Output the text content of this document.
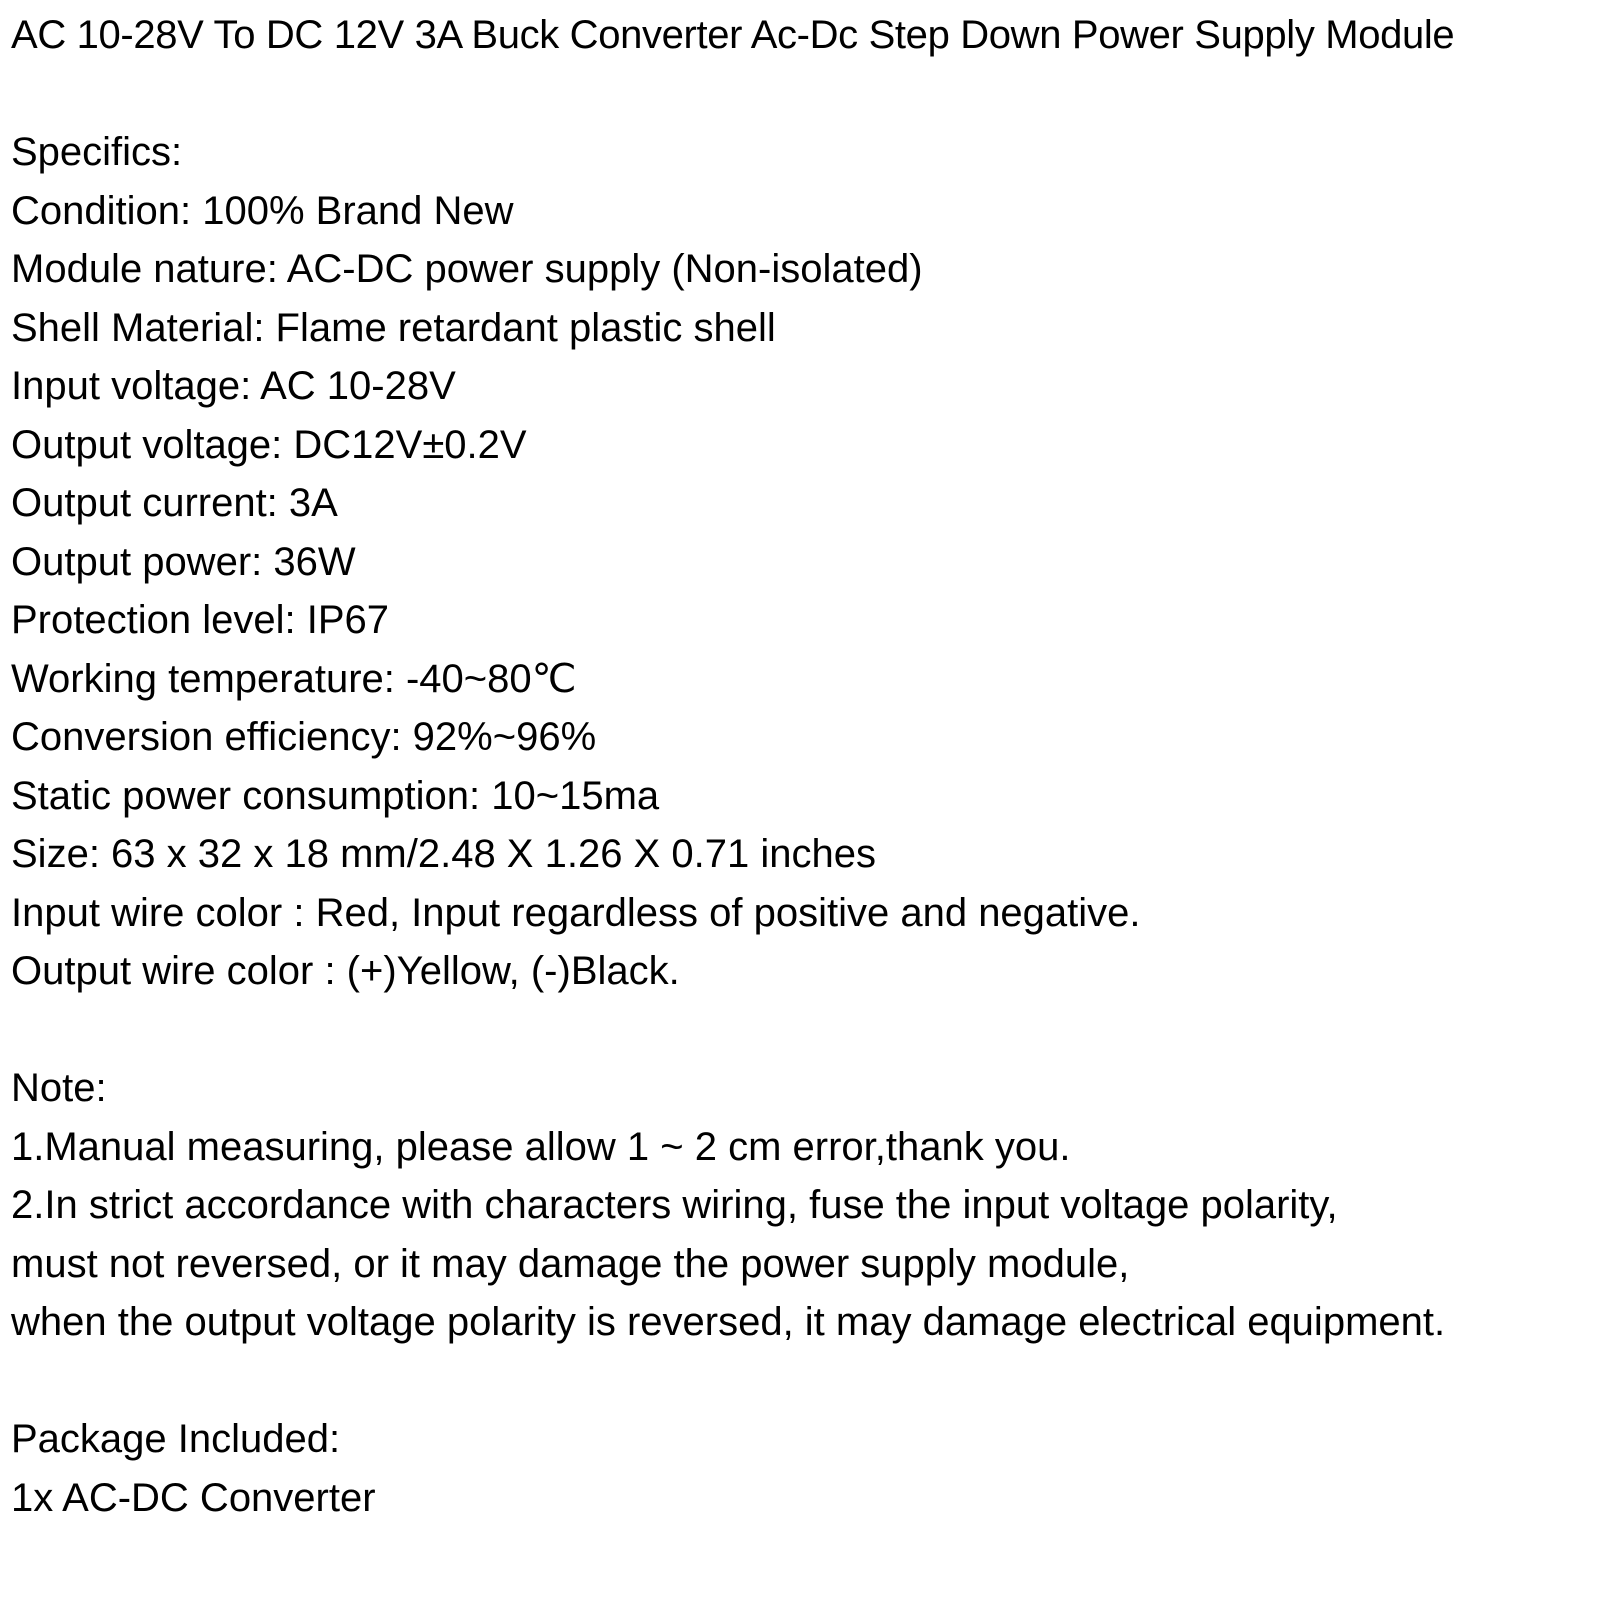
AC 10-28V To DC 12V 3A Buck Converter Ac-Dc Step Down Power Supply Module
Specifics:
Condition: 100% Brand New
Module nature: AC-DC power supply (Non-isolated)
Shell Material: Flame retardant plastic shell
Input voltage: AC 10-28V
Output voltage: DC12V±0.2V
Output current: 3A
Output power: 36W
Protection level: IP67
Working temperature: -40~80℃
Conversion efficiency: 92%~96%
Static power consumption: 10~15ma
Size: 63 x 32 x 18 mm/2.48 X 1.26 X 0.71 inches
Input wire color : Red, Input regardless of positive and negative.
Output wire color : (+)Yellow, (-)Black.
Note:
1.Manual measuring, please allow 1 ~ 2 cm error,thank you.
2.In strict accordance with characters wiring, fuse the input voltage polarity,
must not reversed, or it may damage the power supply module,
when the output voltage polarity is reversed, it may damage electrical equipment.
Package Included:
1x AC-DC Converter
